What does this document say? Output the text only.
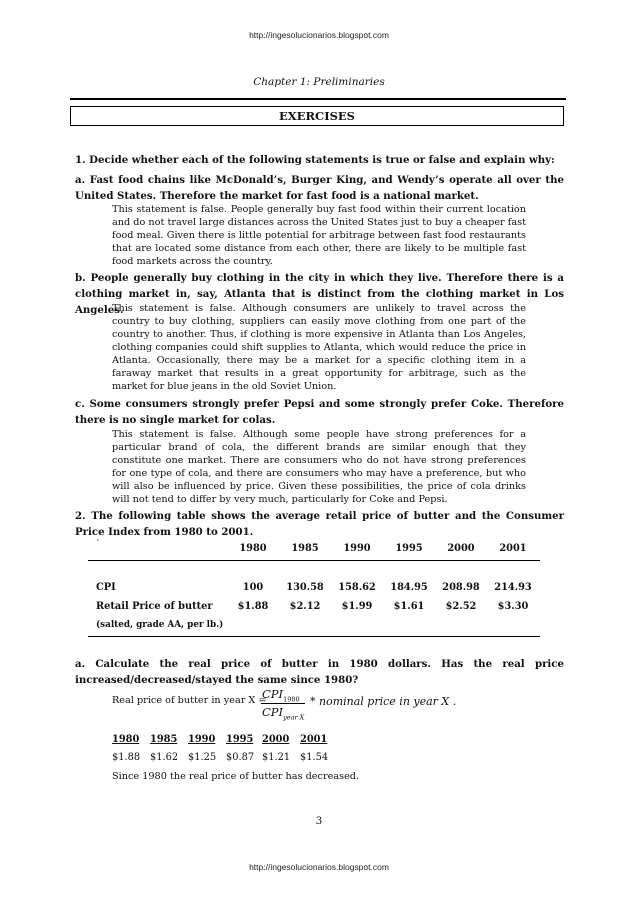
http://ingesolucionarios.blogspot.com
Chapter 1: Preliminaries
EXERCISES
1. Decide whether each of the following statements is true or false and explain why:
a. Fast food chains like McDonald’s, Burger King, and Wendy’s operate all over the United States. Therefore the market for fast food is a national market.
This statement is false. People generally buy fast food within their current location and do not travel large distances across the United States just to buy a cheaper fast food meal. Given there is little potential for arbitrage between fast food restaurants that are located some distance from each other, there are likely to be multiple fast food markets across the country.
b. People generally buy clothing in the city in which they live. Therefore there is a clothing market in, say, Atlanta that is distinct from the clothing market in Los Angeles.
This statement is false. Although consumers are unlikely to travel across the country to buy clothing, suppliers can easily move clothing from one part of the country to another. Thus, if clothing is more expensive in Atlanta than Los Angeles, clothing companies could shift supplies to Atlanta, which would reduce the price in Atlanta. Occasionally, there may be a market for a specific clothing item in a faraway market that results in a great opportunity for arbitrage, such as the market for blue jeans in the old Soviet Union.
c. Some consumers strongly prefer Pepsi and some strongly prefer Coke. Therefore there is no single market for colas.
This statement is false. Although some people have strong preferences for a particular brand of cola, the different brands are similar enough that they constitute one market. There are consumers who do not have strong preferences for one type of cola, and there are consumers who may have a preference, but who will also be influenced by price. Given these possibilities, the price of cola drinks will not tend to differ by very much, particularly for Coke and Pepsi.
2. The following table shows the average retail price of butter and the Consumer Price Index from 1980 to 2001.
`	1980	1985	1990	1995	2000	2001
CPI	100	130.58	158.62	184.95	208.98	214.93
Retail Price of butter	$1.88	$2.12	$1.99	$1.61	$2.52	$3.30
(salted, grade AA, per lb.)
a. Calculate the real price of butter in 1980 dollars. Has the real price increased/decreased/stayed the same since 1980?
Real price of butter in year X =
$CPI_{1980}$
$CPI_{year X}$
* nominal price in year X .
1980 1985 1990 1995 2000 2001
$1.88 $1.62 $1.25 $0.87 $1.21 $1.54
Since 1980 the real price of butter has decreased.
3
http://ingesolucionarios.blogspot.com
